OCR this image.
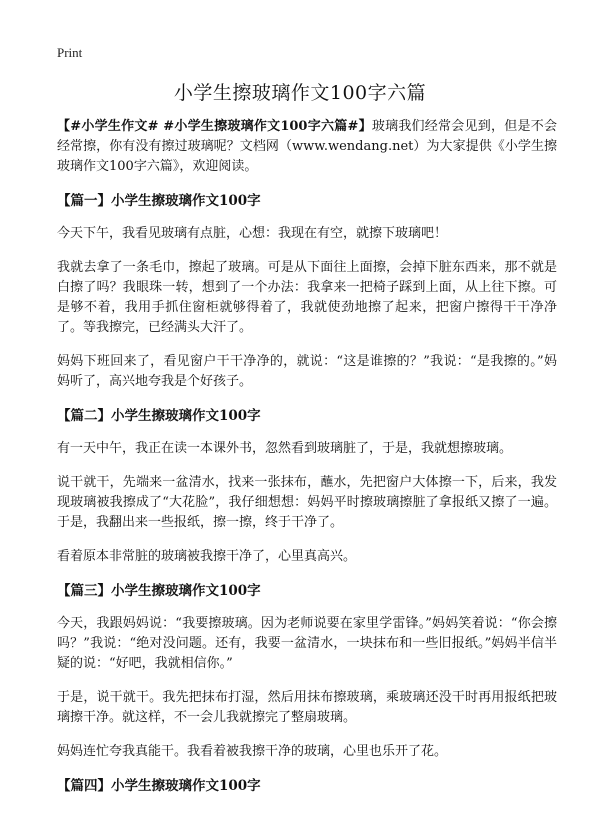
Print
小学生擦玻璃作文100字六篇

【#小学生作文# #小学生擦玻璃作文100字六篇#】玻璃我们经常会见到，但是不会经常擦，你有没有擦过玻璃呢？文档网（www.wendang.net）为大家提供《小学生擦玻璃作文100字六篇》，欢迎阅读。

【篇一】小学生擦玻璃作文100字

今天下午，我看见玻璃有点脏，心想：我现在有空，就擦下玻璃吧！

我就去拿了一条毛巾，擦起了玻璃。可是从下面往上面擦，会掉下脏东西来，那不就是白擦了吗？我眼珠一转，想到了一个办法：我拿来一把椅子踩到上面，从上往下擦。可是够不着，我用手抓住窗柜就够得着了，我就使劲地擦了起来，把窗户擦得干干净净了。等我擦完，已经满头大汗了。

妈妈下班回来了，看见窗户干干净净的，就说：“这是谁擦的？”我说：“是我擦的。”妈妈听了，高兴地夸我是个好孩子。

【篇二】小学生擦玻璃作文100字

有一天中午，我正在读一本课外书，忽然看到玻璃脏了，于是，我就想擦玻璃。

说干就干，先端来一盆清水，找来一张抹布，蘸水，先把窗户大体擦一下，后来，我发现玻璃被我擦成了“大花脸”，我仔细想想：妈妈平时擦玻璃擦脏了拿报纸又擦了一遍。于是，我翻出来一些报纸，擦一擦，终于干净了。

看着原本非常脏的玻璃被我擦干净了，心里真高兴。

【篇三】小学生擦玻璃作文100字

今天，我跟妈妈说：“我要擦玻璃。因为老师说要在家里学雷锋。”妈妈笑着说：“你会擦吗？”我说：“绝对没问题。还有，我要一盆清水，一块抹布和一些旧报纸。”妈妈半信半疑的说：“好吧，我就相信你。”

于是，说干就干。我先把抹布打湿，然后用抹布擦玻璃，乘玻璃还没干时再用报纸把玻璃擦干净。就这样，不一会儿我就擦完了整扇玻璃。

妈妈连忙夸我真能干。我看着被我擦干净的玻璃，心里也乐开了花。

【篇四】小学生擦玻璃作文100字
